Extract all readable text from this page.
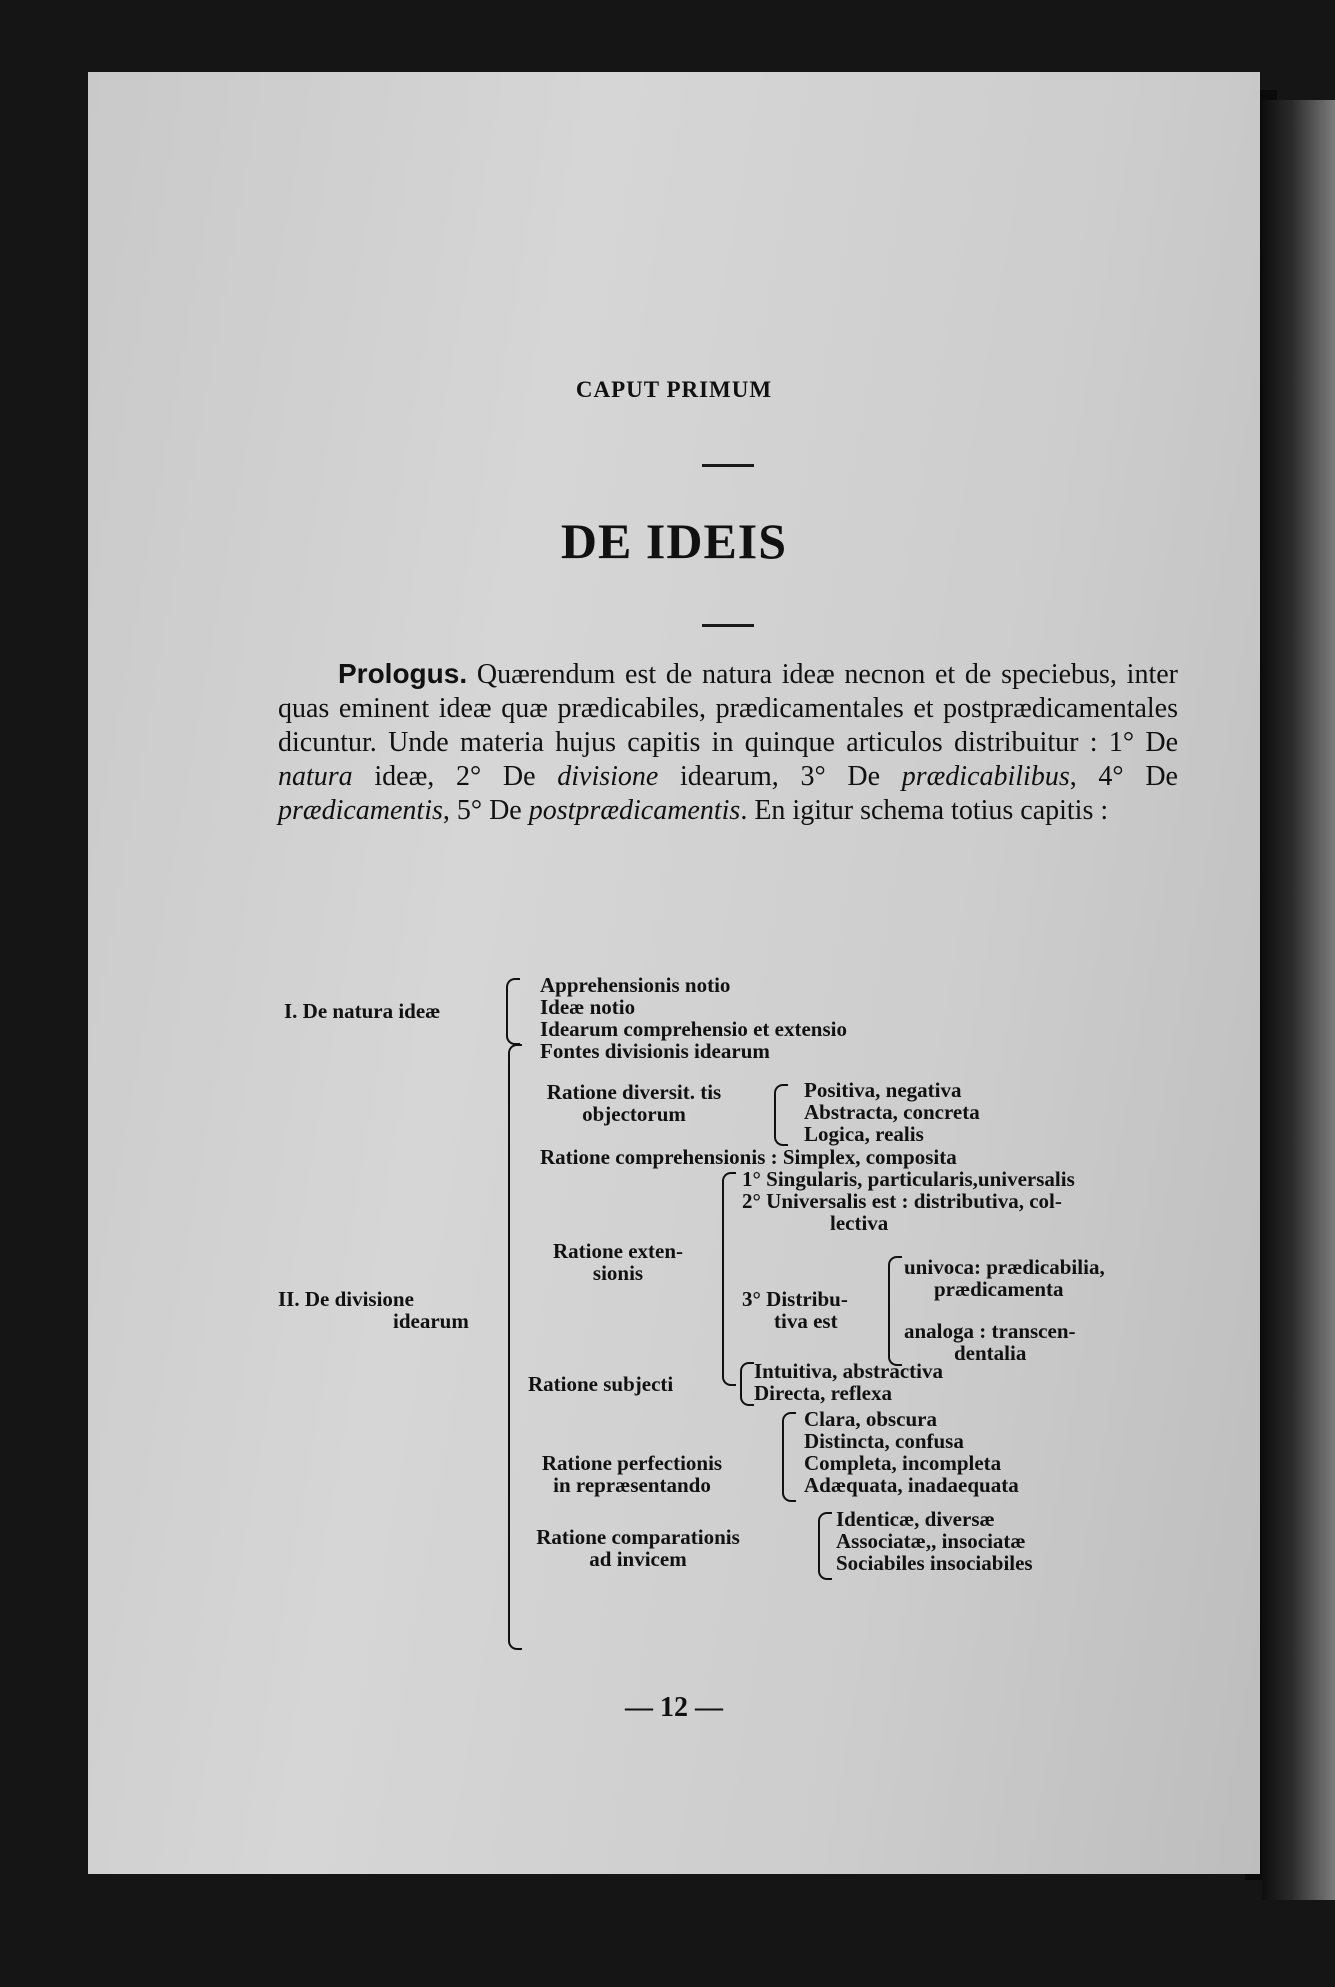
CAPUT PRIMUM
DE IDEIS
Prologus. Quærendum est de natura ideæ necnon et de speciebus, inter quas eminent ideæ quæ prædicabiles, prædicamentales et postprædicamentales dicuntur. Unde materia hujus capitis in quinque articulos distribuitur : 1° De natura ideæ, 2° De divisione idearum, 3° De prædicabilibus, 4° De prædicamentis, 5° De postprædicamentis. En igitur schema totius capitis :
I. De natura ideæ
Apprehensionis notio
Ideæ notio
Idearum comprehensio et extensio
II. De divisione
idearum
Fontes divisionis idearum
Ratione diversit. tis
objectorum
Positiva, negativa
Abstracta, concreta
Logica, realis
Ratione comprehensionis : Simplex, composita
Ratione exten-
sionis
1° Singularis, particularis,universalis
2° Universalis est : distributiva, col-
lectiva
3° Distribu-
tiva est
univoca: prædicabilia,
prædicamenta
analoga : transcen-
dentalia
Ratione subjecti
Intuitiva, abstractiva
Directa, reflexa
Ratione perfectionis
in repræsentando
Clara, obscura
Distincta, confusa
Completa, incompleta
Adæquata, inadaequata
Ratione comparationis
ad invicem
Identicæ, diversæ
Associatæ,, insociatæ
Sociabiles insociabiles
— 12 —
